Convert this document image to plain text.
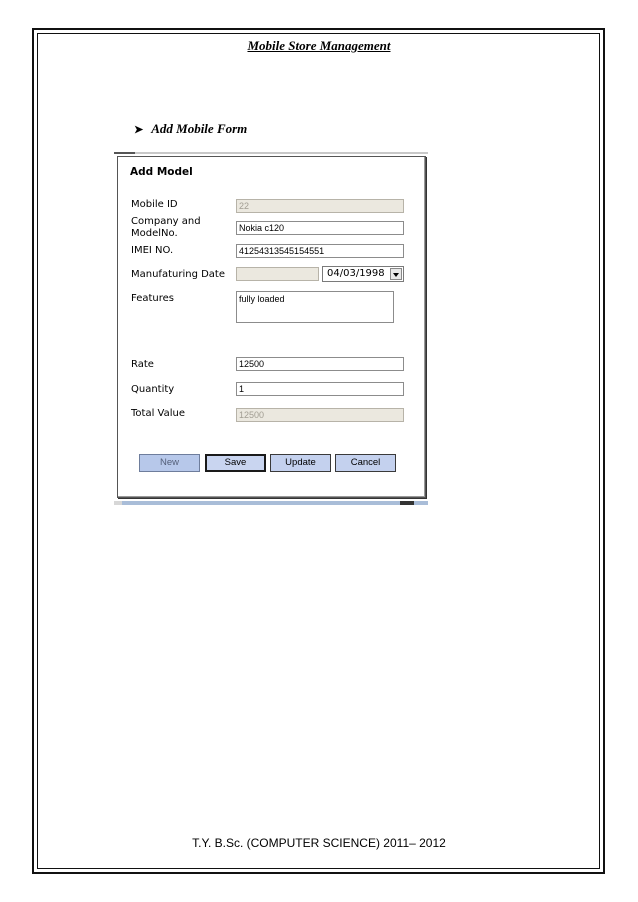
Mobile Store Management
➤ Add Mobile Form
Add Model
Mobile ID	22
Company and
ModelNo.	Nokia c120
IMEI NO.	41254313545154551
Manufaturing Date	04/03/1998
Features	fully loaded
Rate	12500
Quantity	1
Total Value	12500
New	Save	Update	Cancel
T.Y. B.Sc. (COMPUTER SCIENCE) 2011– 2012
